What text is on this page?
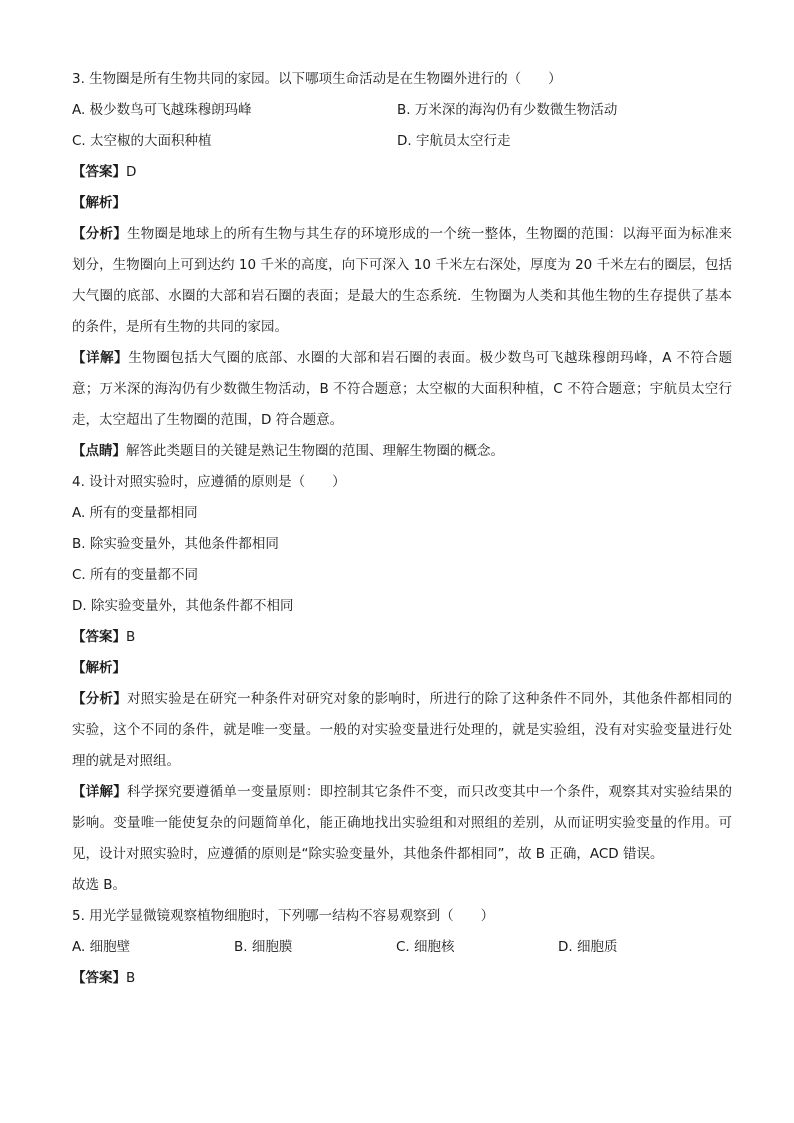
3. 生物圈是所有生物共同的家园。以下哪项生命活动是在生物圈外进行的（　　）
A. 极少数鸟可飞越珠穆朗玛峰	B. 万米深的海沟仍有少数微生物活动
C. 太空椒的大面积种植	D. 宇航员太空行走
【答案】D
【解析】
【分析】生物圈是地球上的所有生物与其生存的环境形成的一个统一整体，生物圈的范围：以海平面为标准来划分，生物圈向上可到达约 10 千米的高度，向下可深入 10 千米左右深处，厚度为 20 千米左右的圈层，包括大气圈的底部、水圈的大部和岩石圈的表面；是最大的生态系统．生物圈为人类和其他生物的生存提供了基本的条件，是所有生物的共同的家园。
【详解】生物圈包括大气圈的底部、水圈的大部和岩石圈的表面。极少数鸟可飞越珠穆朗玛峰，A 不符合题意；万米深的海沟仍有少数微生物活动，B 不符合题意；太空椒的大面积种植，C 不符合题意；宇航员太空行走，太空超出了生物圈的范围，D 符合题意。
【点睛】解答此类题目的关键是熟记生物圈的范围、理解生物圈的概念。
4. 设计对照实验时，应遵循的原则是（　　）
A. 所有的变量都相同
B. 除实验变量外，其他条件都相同
C. 所有的变量都不同
D. 除实验变量外，其他条件都不相同
【答案】B
【解析】
【分析】对照实验是在研究一种条件对研究对象的影响时，所进行的除了这种条件不同外，其他条件都相同的实验，这个不同的条件，就是唯一变量。一般的对实验变量进行处理的，就是实验组，没有对实验变量进行处理的就是对照组。
【详解】科学探究要遵循单一变量原则：即控制其它条件不变，而只改变其中一个条件，观察其对实验结果的影响。变量唯一能使复杂的问题简单化，能正确地找出实验组和对照组的差别，从而证明实验变量的作用。可见，设计对照实验时，应遵循的原则是“除实验变量外，其他条件都相同”，故 B 正确，ACD 错误。
故选 B。
5. 用光学显微镜观察植物细胞时，下列哪一结构不容易观察到（　　）
A. 细胞壁	B. 细胞膜	C. 细胞核	D. 细胞质
【答案】B
